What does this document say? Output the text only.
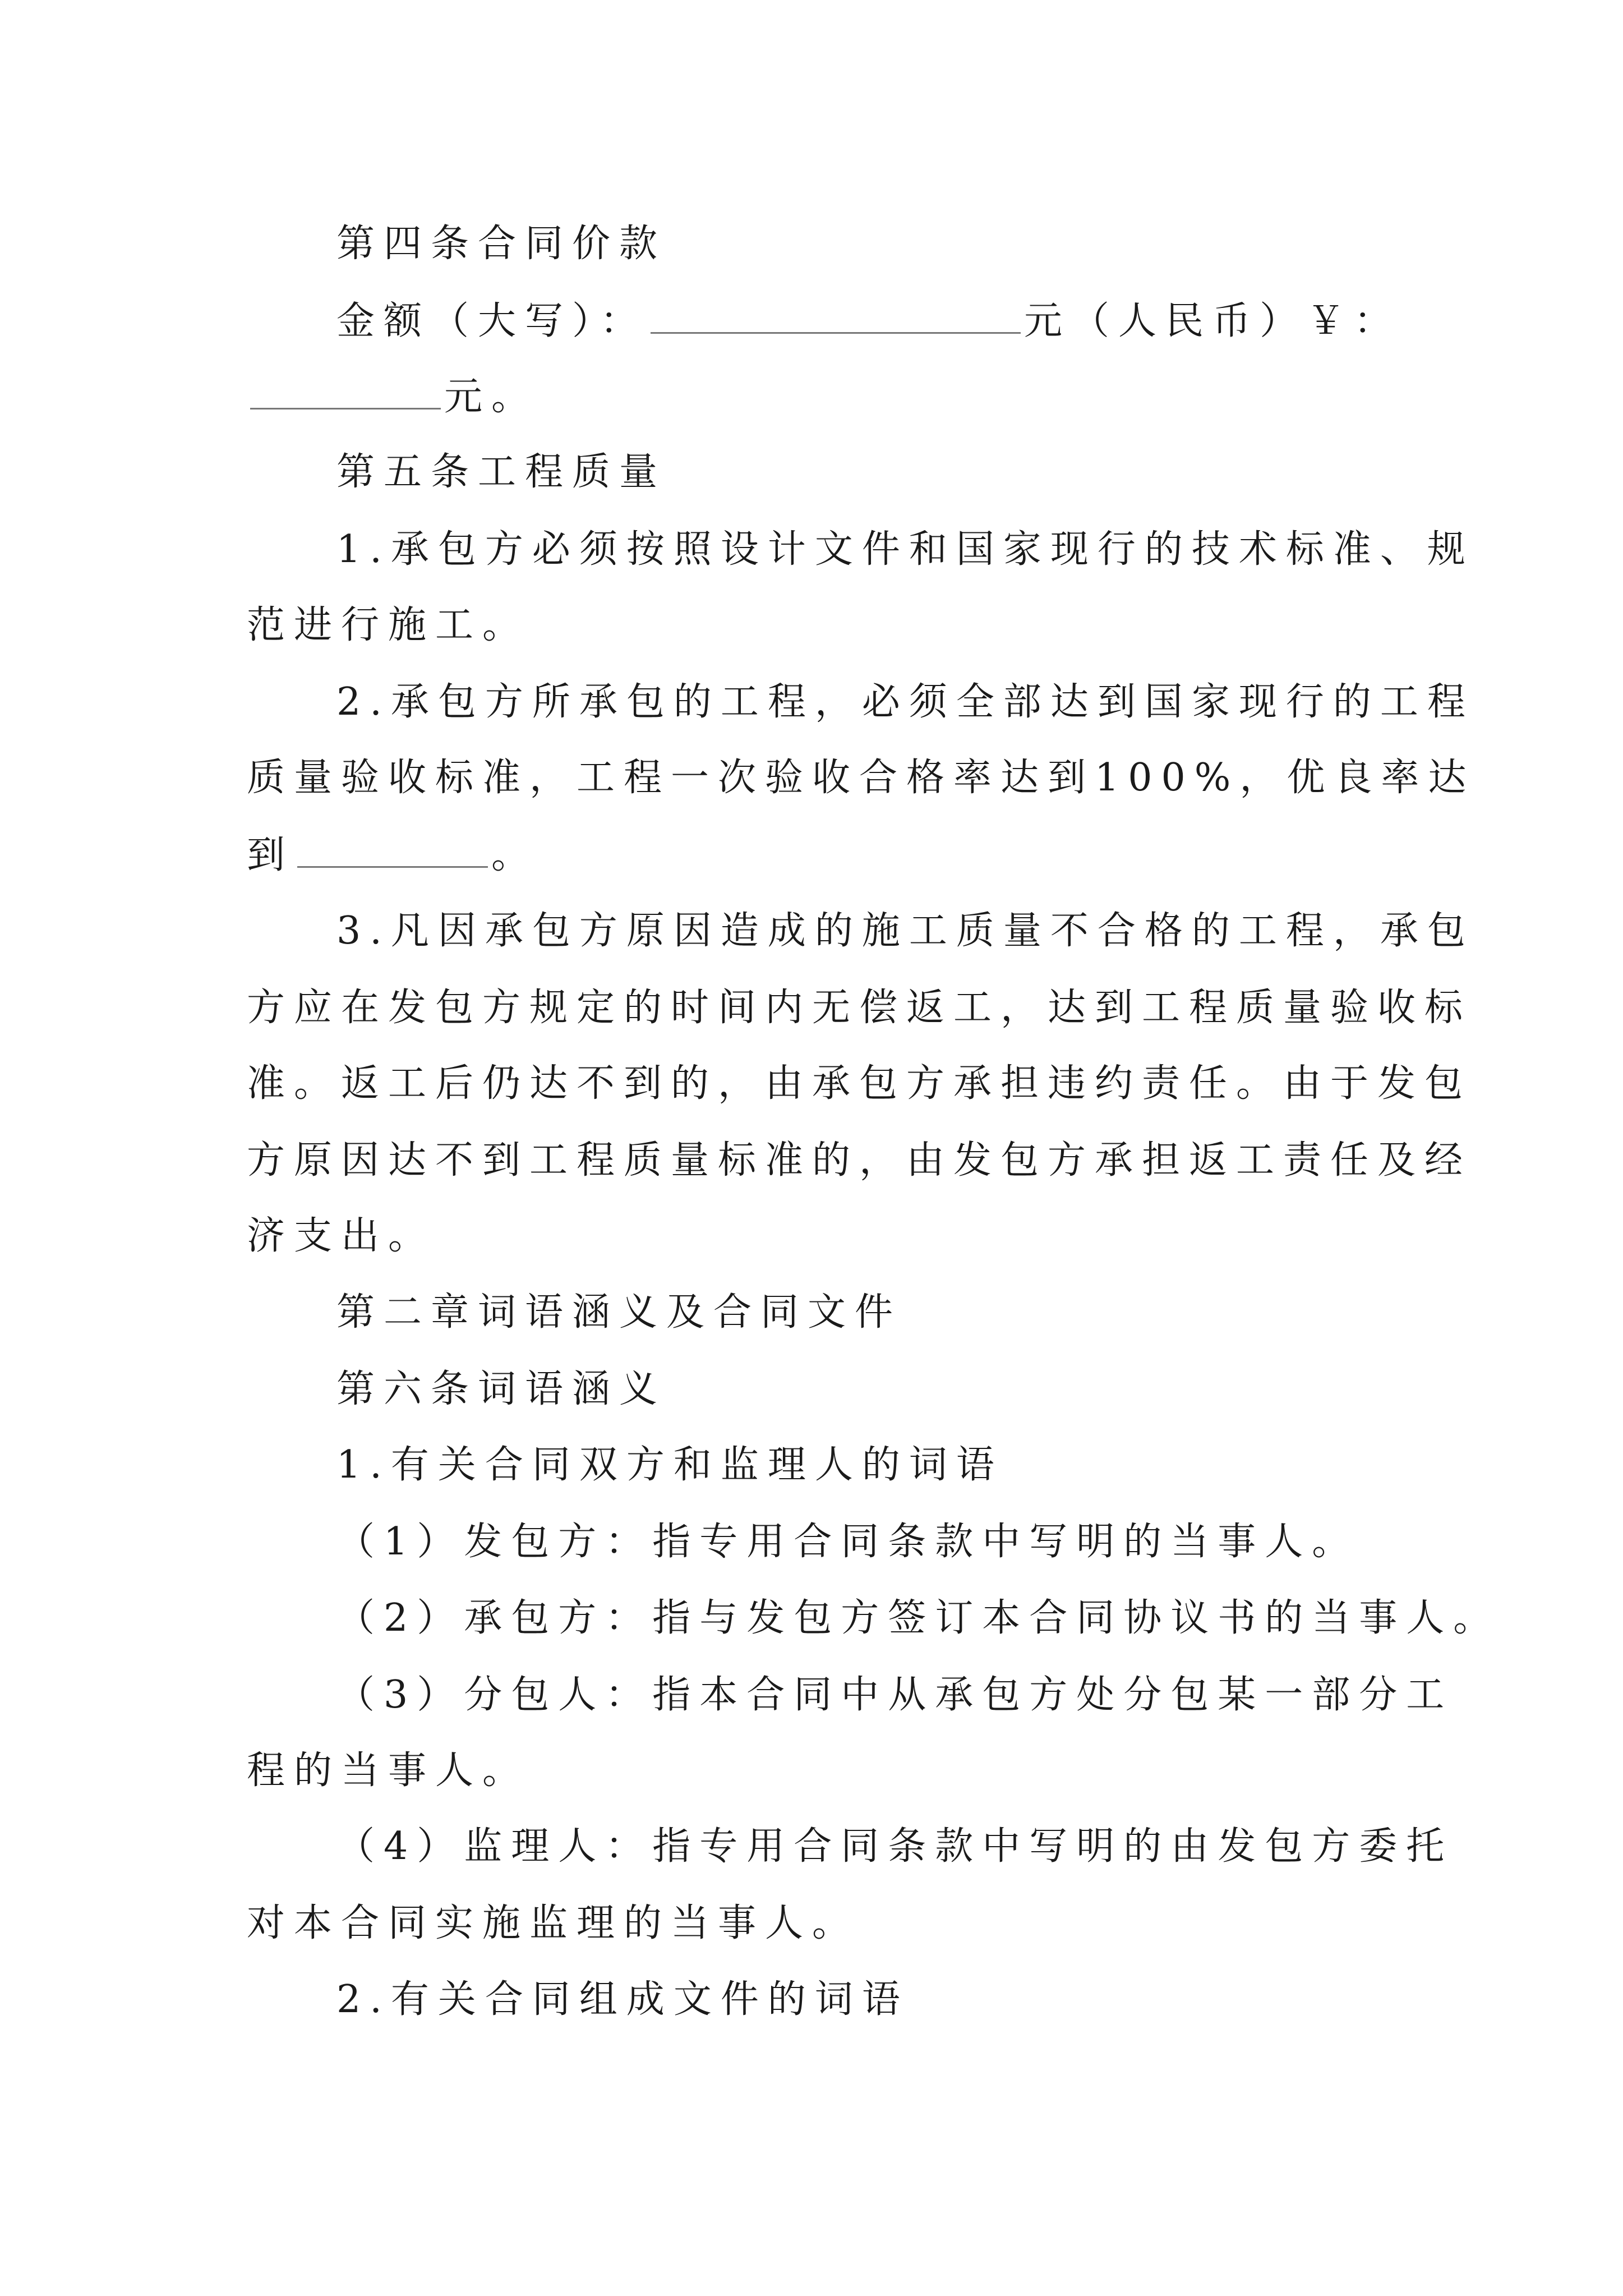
第四条合同价款
金额（大写）：	元（人民币）￥：
元。
第五条工程质量
1.承包方必须按照设计文件和国家现行的技术标准、规
范进行施工。
2.承包方所承包的工程，必须全部达到国家现行的工程
质量验收标准，工程一次验收合格率达到100%，优良率达
到	。
3.凡因承包方原因造成的施工质量不合格的工程，承包
方应在发包方规定的时间内无偿返工，达到工程质量验收标
准。返工后仍达不到的，由承包方承担违约责任。由于发包
方原因达不到工程质量标准的，由发包方承担返工责任及经
济支出。
第二章词语涵义及合同文件
第六条词语涵义
1.有关合同双方和监理人的词语
（1）发包方：指专用合同条款中写明的当事人。
（2）承包方：指与发包方签订本合同协议书的当事人。
（3）分包人：指本合同中从承包方处分包某一部分工
程的当事人。
（4）监理人：指专用合同条款中写明的由发包方委托
对本合同实施监理的当事人。
2.有关合同组成文件的词语
